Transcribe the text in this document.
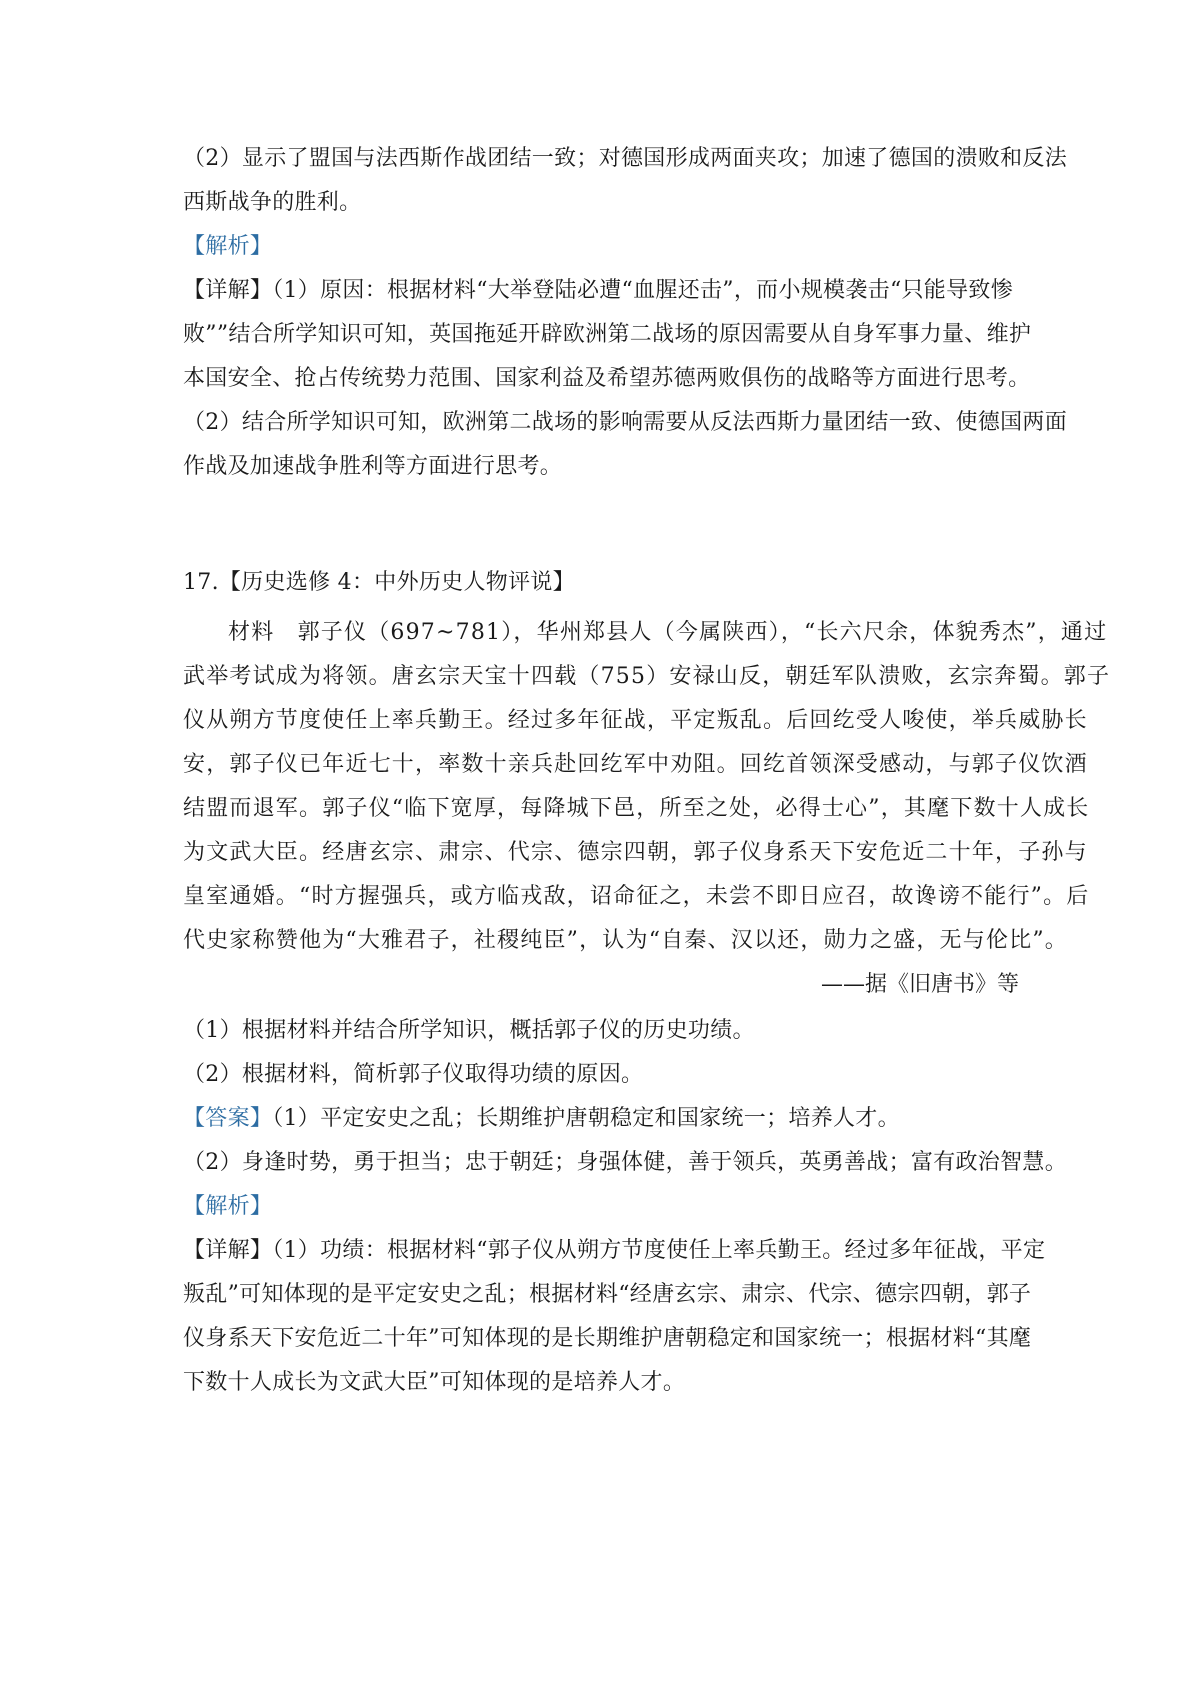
（2）显示了盟国与法西斯作战团结一致；对德国形成两面夹攻；加速了德国的溃败和反法
西斯战争的胜利。
【解析】
【详解】（1）原因：根据材料“大举登陆必遭“血腥还击”，而小规模袭击“只能导致惨
败””结合所学知识可知，英国拖延开辟欧洲第二战场的原因需要从自身军事力量、维护
本国安全、抢占传统势力范围、国家利益及希望苏德两败俱伤的战略等方面进行思考。
（2）结合所学知识可知，欧洲第二战场的影响需要从反法西斯力量团结一致、使德国两面
作战及加速战争胜利等方面进行思考。
17.【历史选修 4：中外历史人物评说】
材料　郭子仪（697~781），华州郑县人（今属陕西），“长六尺余，体貌秀杰”，通过
武举考试成为将领。唐玄宗天宝十四载（755）安禄山反，朝廷军队溃败，玄宗奔蜀。郭子
仪从朔方节度使任上率兵勤王。经过多年征战，平定叛乱。后回纥受人唆使，举兵威胁长
安，郭子仪已年近七十，率数十亲兵赴回纥军中劝阻。回纥首领深受感动，与郭子仪饮酒
结盟而退军。郭子仪“临下宽厚，每降城下邑，所至之处，必得士心”，其麾下数十人成长
为文武大臣。经唐玄宗、肃宗、代宗、德宗四朝，郭子仪身系天下安危近二十年，子孙与
皇室通婚。“时方握强兵，或方临戎敌，诏命征之，未尝不即日应召，故谗谤不能行”。后
代史家称赞他为“大雅君子，社稷纯臣”，认为“自秦、汉以还，勋力之盛，无与伦比”。
——据《旧唐书》等
（1）根据材料并结合所学知识，概括郭子仪的历史功绩。
（2）根据材料，简析郭子仪取得功绩的原因。
【答案】（1）平定安史之乱；长期维护唐朝稳定和国家统一；培养人才。
（2）身逢时势，勇于担当；忠于朝廷；身强体健，善于领兵，英勇善战；富有政治智慧。
【解析】
【详解】（1）功绩：根据材料“郭子仪从朔方节度使任上率兵勤王。经过多年征战，平定
叛乱”可知体现的是平定安史之乱；根据材料“经唐玄宗、肃宗、代宗、德宗四朝，郭子
仪身系天下安危近二十年”可知体现的是长期维护唐朝稳定和国家统一；根据材料“其麾
下数十人成长为文武大臣”可知体现的是培养人才。
